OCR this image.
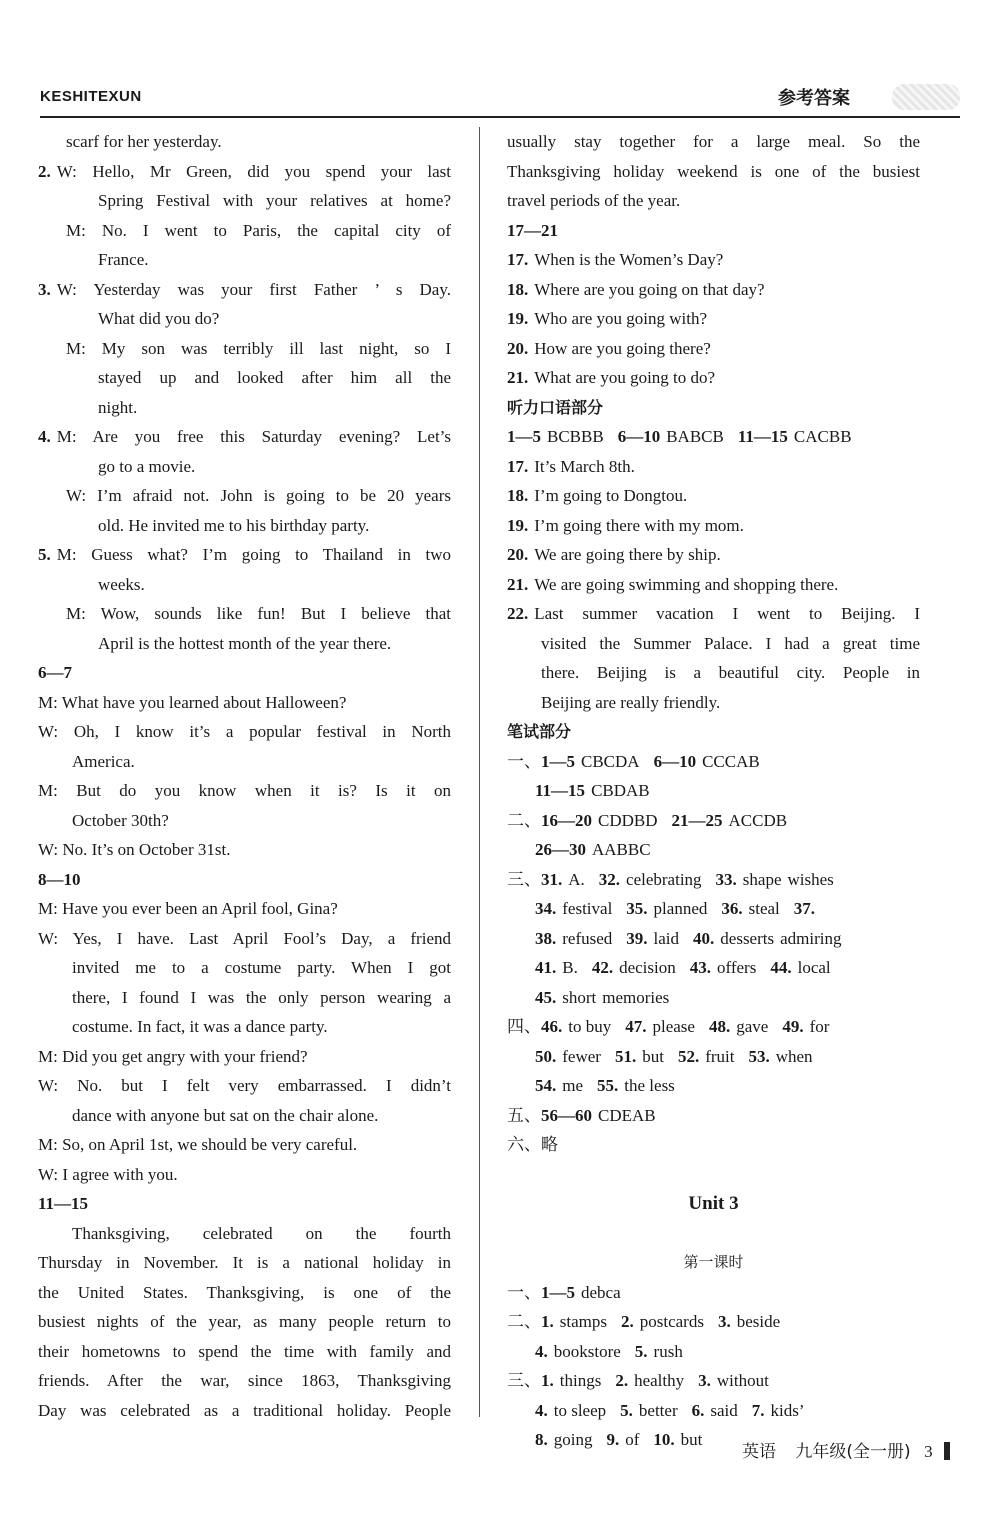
KESHITEXUN	参考答案
scarf for her yesterday.
2. W: Hello, Mr Green, did you spend your last
Spring Festival with your relatives at home?
M: No. I went to Paris, the capital city of
France.
3. W: Yesterday was your first Father ’ s Day.
What did you do?
M: My son was terribly ill last night, so I
stayed up and looked after him all the
night.
4. M: Are you free this Saturday evening? Let’s
go to a movie.
W: I’m afraid not. John is going to be 20 years
old. He invited me to his birthday party.
5. M: Guess what? I’m going to Thailand in two
weeks.
M: Wow, sounds like fun! But I believe that
April is the hottest month of the year there.
6—7
M: What have you learned about Halloween?
W: Oh, I know it’s a popular festival in North
America.
M: But do you know when it is? Is it on
October 30th?
W: No. It’s on October 31st.
8—10
M: Have you ever been an April fool, Gina?
W: Yes, I have. Last April Fool’s Day, a friend
invited me to a costume party. When I got
there, I found I was the only person wearing a
costume. In fact, it was a dance party.
M: Did you get angry with your friend?
W: No. but I felt very embarrassed. I didn’t
dance with anyone but sat on the chair alone.
M: So, on April 1st, we should be very careful.
W: I agree with you.
11—15
Thanksgiving, celebrated on the fourth
Thursday in November. It is a national holiday in
the United States. Thanksgiving, is one of the
busiest nights of the year, as many people return to
their hometowns to spend the time with family and
friends. After the war, since 1863, Thanksgiving
Day was celebrated as a traditional holiday. People
usually stay together for a large meal. So the
Thanksgiving holiday weekend is one of the busiest
travel periods of the year.
17—21
17. When is the Women’s Day?
18. Where are you going on that day?
19. Who are you going with?
20. How are you going there?
21. What are you going to do?
听力口语部分
1—5 BCBBB 6—10 BABCB 11—15 CACBB
17. It’s March 8th.
18. I’m going to Dongtou.
19. I’m going there with my mom.
20. We are going there by ship.
21. We are going swimming and shopping there.
22. Last summer vacation I went to Beijing. I
visited the Summer Palace. I had a great time
there. Beijing is a beautiful city. People in
Beijing are really friendly.
笔试部分
一、1—5 CBCDA 6—10 CCCAB
11—15 CBDAB
二、16—20 CDDBD 21—25 ACCDB
26—30 AABBC
三、31. A. 32. celebrating 33. shape wishes
34. festival 35. planned 36. steal 37.
38. refused 39. laid 40. desserts admiring
41. B. 42. decision 43. offers 44. local
45. short memories
四、46. to buy 47. please 48. gave 49. for
50. fewer 51. but 52. fruit 53. when
54. me 55. the less
五、56—60 CDEAB
六、略
Unit 3
第一课时
一、1—5 debca
二、1. stamps 2. postcards 3. beside
4. bookstore 5. rush
三、1. things 2. healthy 3. without
4. to sleep 5. better 6. said 7. kids’
8. going 9. of 10. but
英语 九年级(全一册) 3
